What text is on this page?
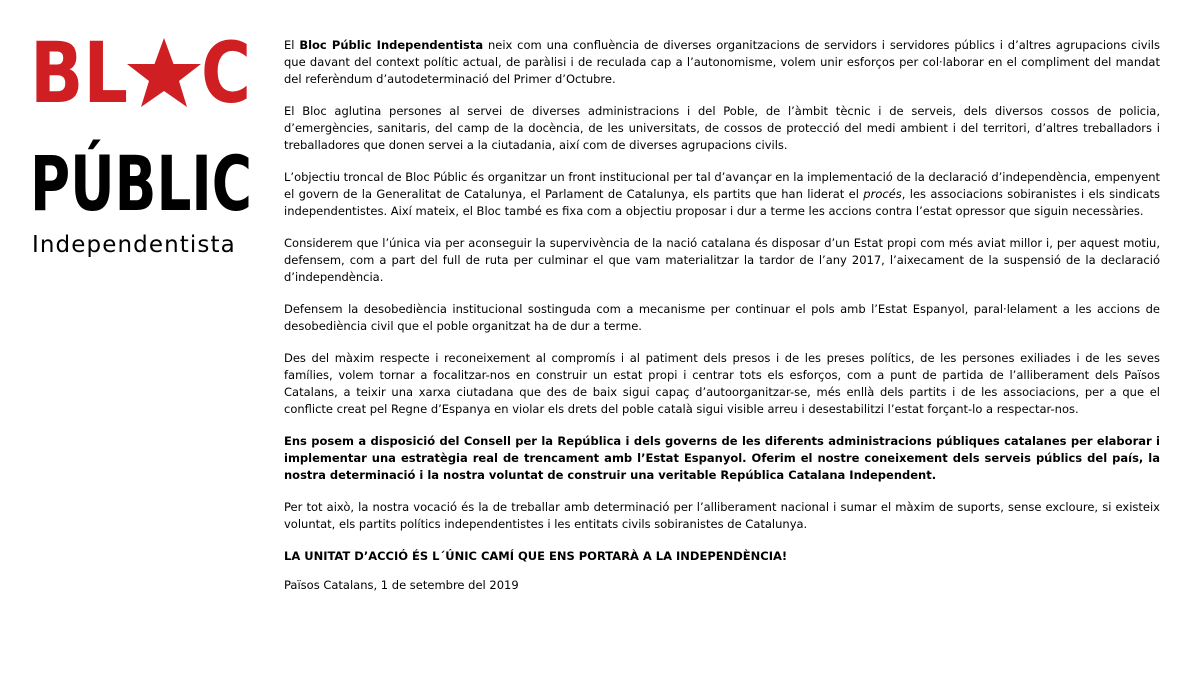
BL C
PÚBLIC
Independentista

El Bloc Públic Independentista neix com una confluència de diverses organitzacions de servidors i servidores públics i d’altres agrupacions civils que davant del context polític actual, de paràlisi i de reculada cap a l’autonomisme, volem unir esforços per col·laborar en el compliment del mandat del referèndum d’autodeterminació del Primer d’Octubre.

El Bloc aglutina persones al servei de diverses administracions i del Poble, de l’àmbit tècnic i de serveis, dels diversos cossos de policia, d’emergències, sanitaris, del camp de la docència, de les universitats, de cossos de protecció del medi ambient i del territori, d’altres treballadors i treballadores que donen servei a la ciutadania, així com de diverses agrupacions civils.

L’objectiu troncal de Bloc Públic és organitzar un front institucional per tal d’avançar en la implementació de la declaració d’independència, empenyent el govern de la Generalitat de Catalunya, el Parlament de Catalunya, els partits que han liderat el procés, les associacions sobiranistes i els sindicats independentistes. Així mateix, el Bloc també es fixa com a objectiu proposar i dur a terme les accions contra l’estat opressor que siguin necessàries.

Considerem que l’única via per aconseguir la supervivència de la nació catalana és disposar d’un Estat propi com més aviat millor i, per aquest motiu, defensem, com a part del full de ruta per culminar el que vam materialitzar la tardor de l’any 2017, l’aixecament de la suspensió de la declaració d’independència.

Defensem la desobediència institucional sostinguda com a mecanisme per continuar el pols amb l’Estat Espanyol, paral·lelament a les accions de desobediència civil que el poble organitzat ha de dur a terme.

Des del màxim respecte i reconeixement al compromís i al patiment dels presos i de les preses polítics, de les persones exiliades i de les seves famílies, volem tornar a focalitzar-nos en construir un estat propi i centrar tots els esforços, com a punt de partida de l’alliberament dels Països Catalans, a teixir una xarxa ciutadana que des de baix sigui capaç d’autoorganitzar-se, més enllà dels partits i de les associacions, per a que el conflicte creat pel Regne d’Espanya en violar els drets del poble català sigui visible arreu i desestabilitzi l’estat forçant-lo a respectar-nos.

Ens posem a disposició del Consell per la República i dels governs de les diferents administracions públiques catalanes per elaborar i implementar una estratègia real de trencament amb l’Estat Espanyol. Oferim el nostre coneixement dels serveis públics del país, la nostra determinació i la nostra voluntat de construir una veritable República Catalana Independent.

Per tot això, la nostra vocació és la de treballar amb determinació per l’alliberament nacional i sumar el màxim de suports, sense excloure, si existeix voluntat, els partits polítics independentistes i les entitats civils sobiranistes de Catalunya.

LA UNITAT D’ACCIÓ ÉS L´ÚNIC CAMÍ QUE ENS PORTARÀ A LA INDEPENDÈNCIA!

Països Catalans, 1 de setembre del 2019
